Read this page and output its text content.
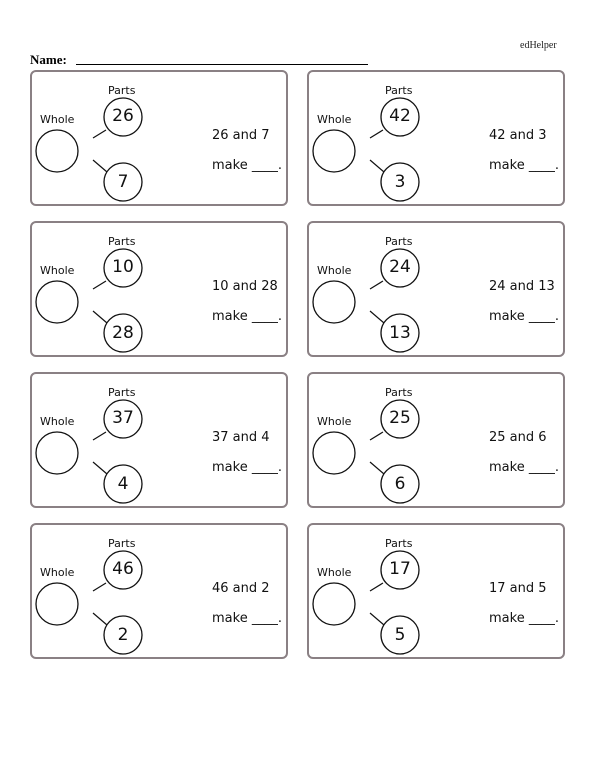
edHelper
Name:
Parts
Whole	26
7
26 and 7
make ____.
Parts
Whole	42
3
42 and 3
make ____.
Parts
Whole	10
28
10 and 28
make ____.
Parts
Whole	24
13
24 and 13
make ____.
Parts
Whole	37
4
37 and 4
make ____.
Parts
Whole	25
6
25 and 6
make ____.
Parts
Whole	46
2
46 and 2
make ____.
Parts
Whole	17
5
17 and 5
make ____.
